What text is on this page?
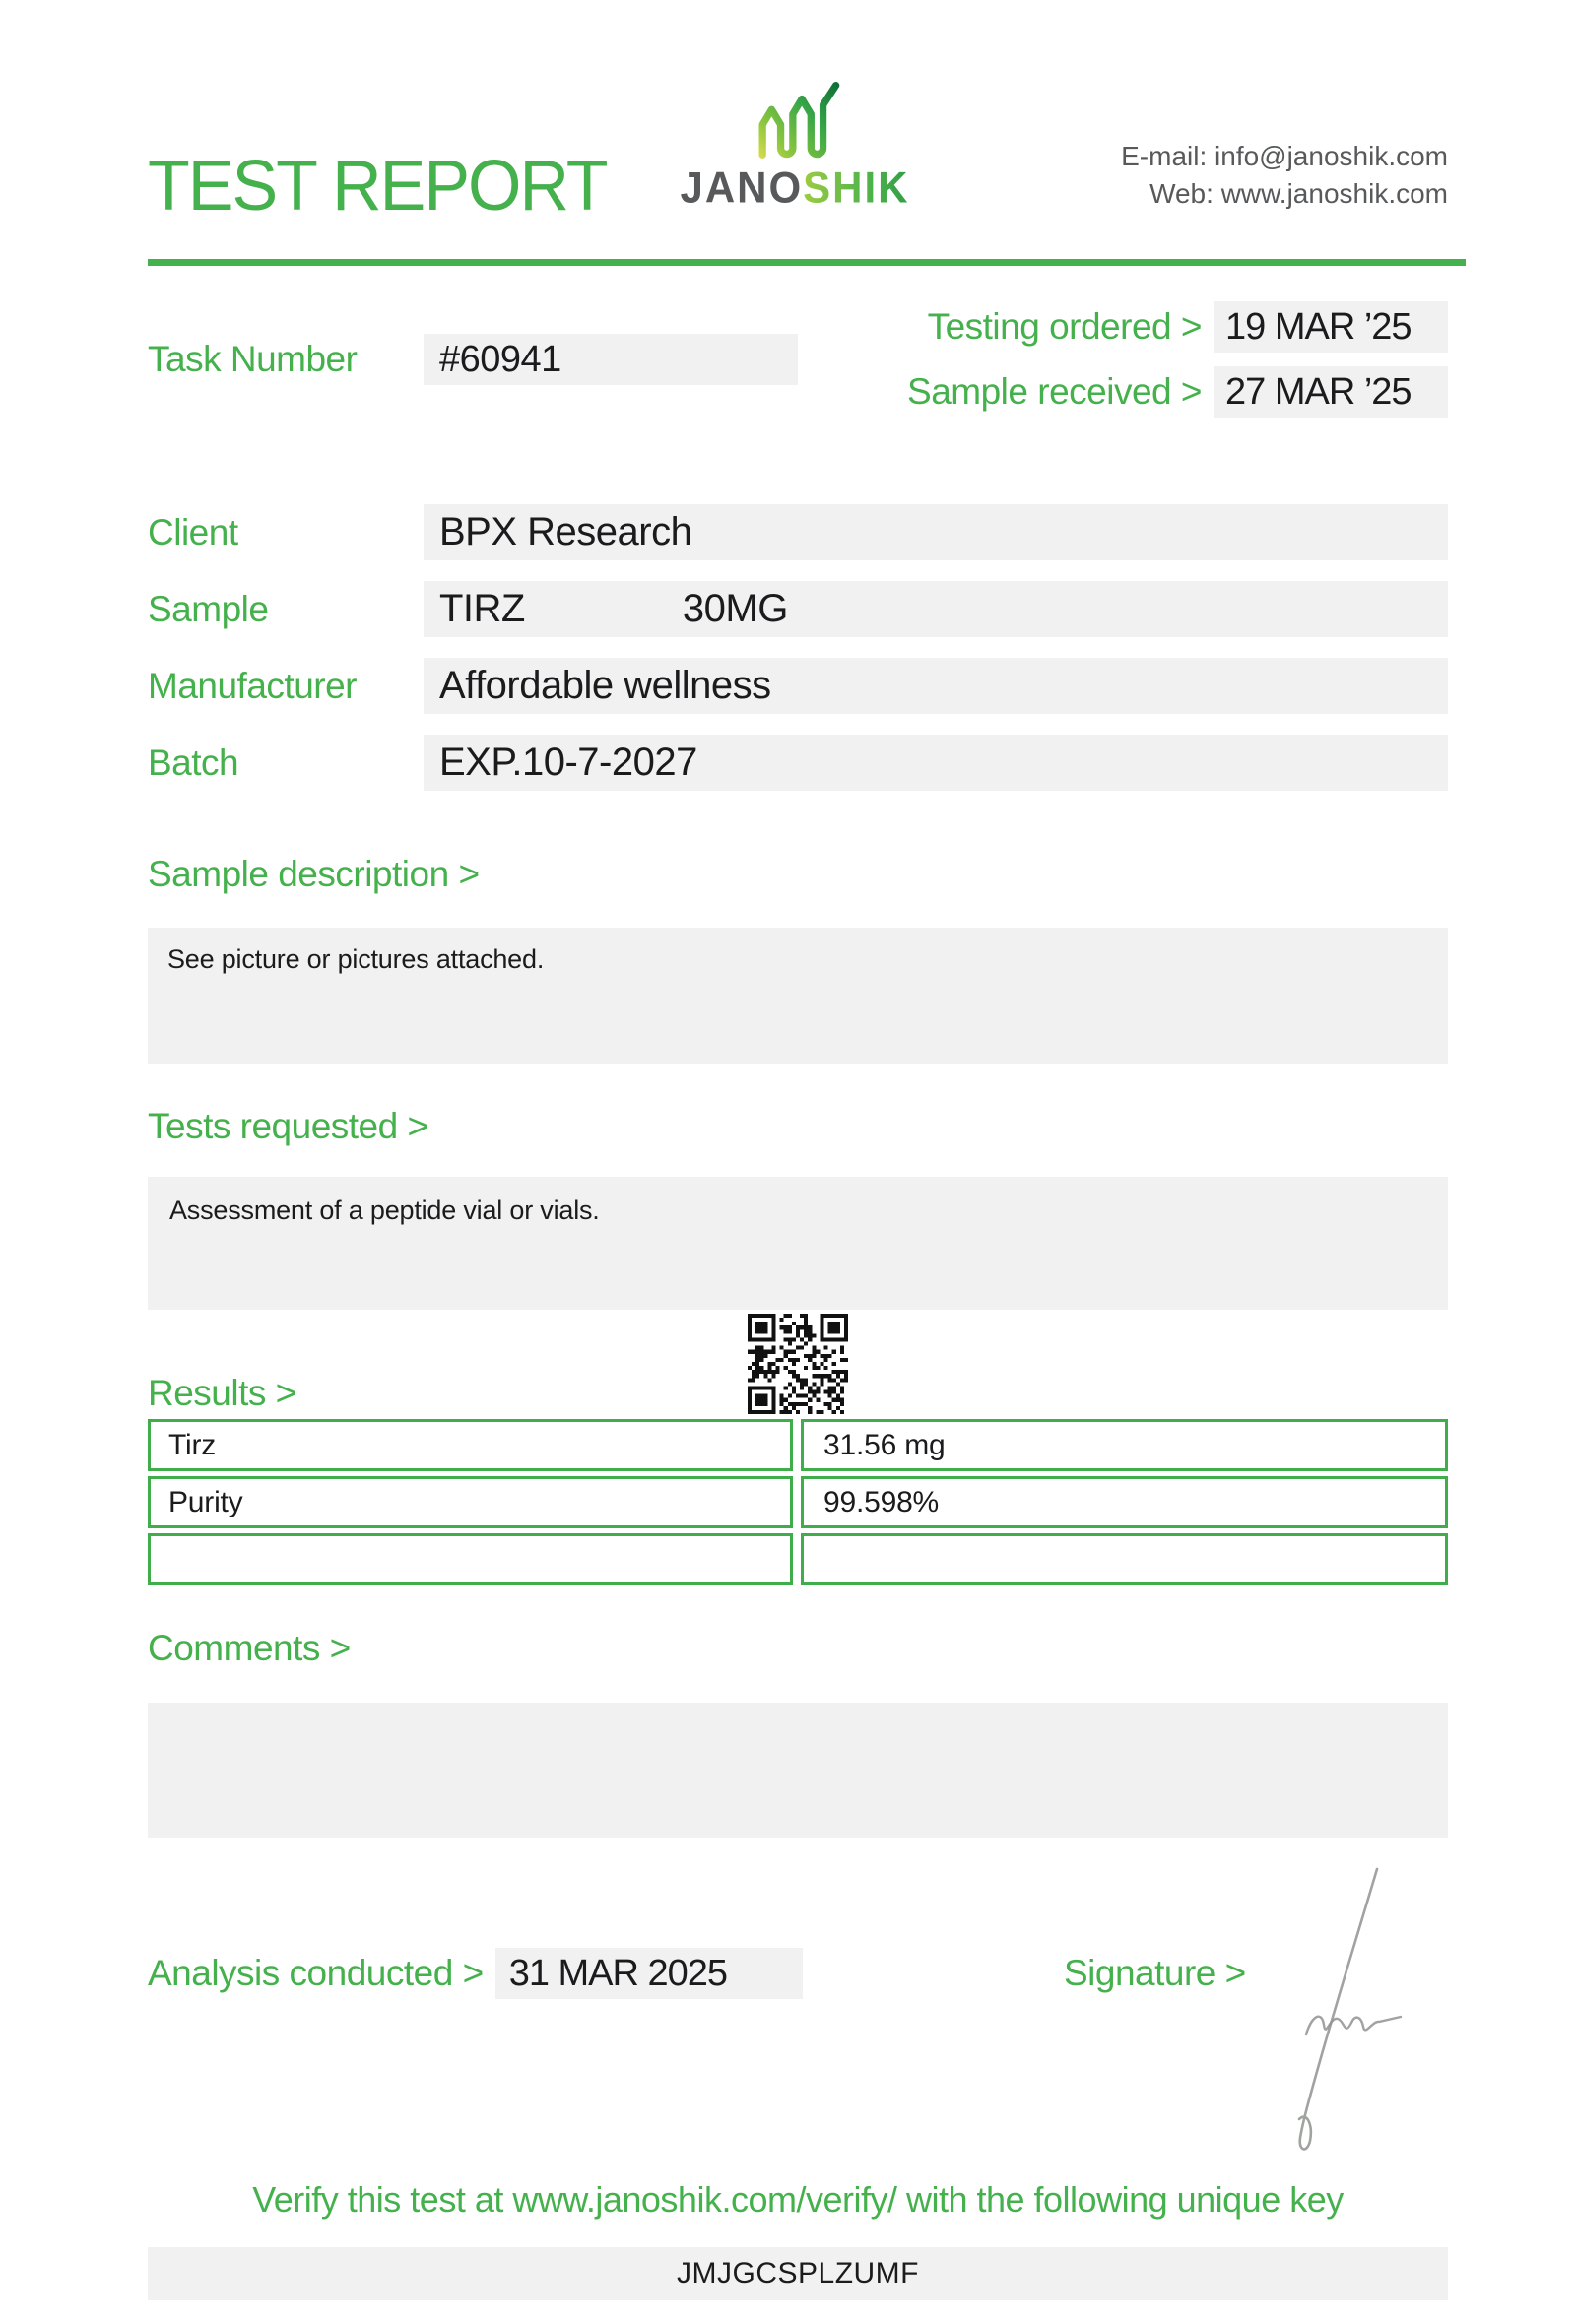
TEST REPORT JANOSHIK
E-mail: info@janoshik.com
Web: www.janoshik.com
Task Number	#60941
Testing ordered > 19 MAR ’25
Sample received > 27 MAR ’25
Client	BPX Research
Sample	TIRZ	30MG
Manufacturer	Affordable wellness
Batch	EXP.10-7-2027
Sample description >
See picture or pictures attached.
Tests requested >
Assessment of a peptide vial or vials.
Results >
Tirz	31.56 mg
Purity	99.598%
Comments >
Analysis conducted > 31 MAR 2025	Signature >
Verify this test at www.janoshik.com/verify/ with the following unique key
JMJGCSPLZUMF
